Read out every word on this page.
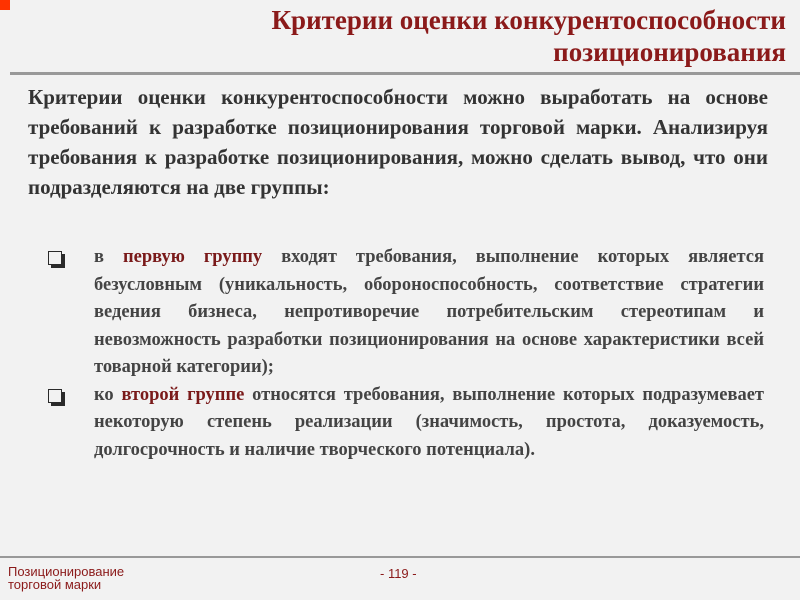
Критерии оценки конкурентоспособности
позиционирования
Критерии оценки конкурентоспособности можно выработать на основе требований к разработке позиционирования торговой марки. Анализируя требования к разработке позиционирования, можно сделать вывод, что они подразделяются на две группы:
в первую группу входят требования, выполнение которых является безусловным (уникальность, обороноспособность, соответствие стратегии ведения бизнеса, непротиворечие потребительским стереотипам и невозможность разработки позиционирования на основе характеристики всей товарной категории);
ко второй группе относятся требования, выполнение которых подразумевает некоторую степень реализации (значимость, простота, доказуемость, долгосрочность и наличие творческого потенциала).
Позиционирование
торговой марки
- 119 -
